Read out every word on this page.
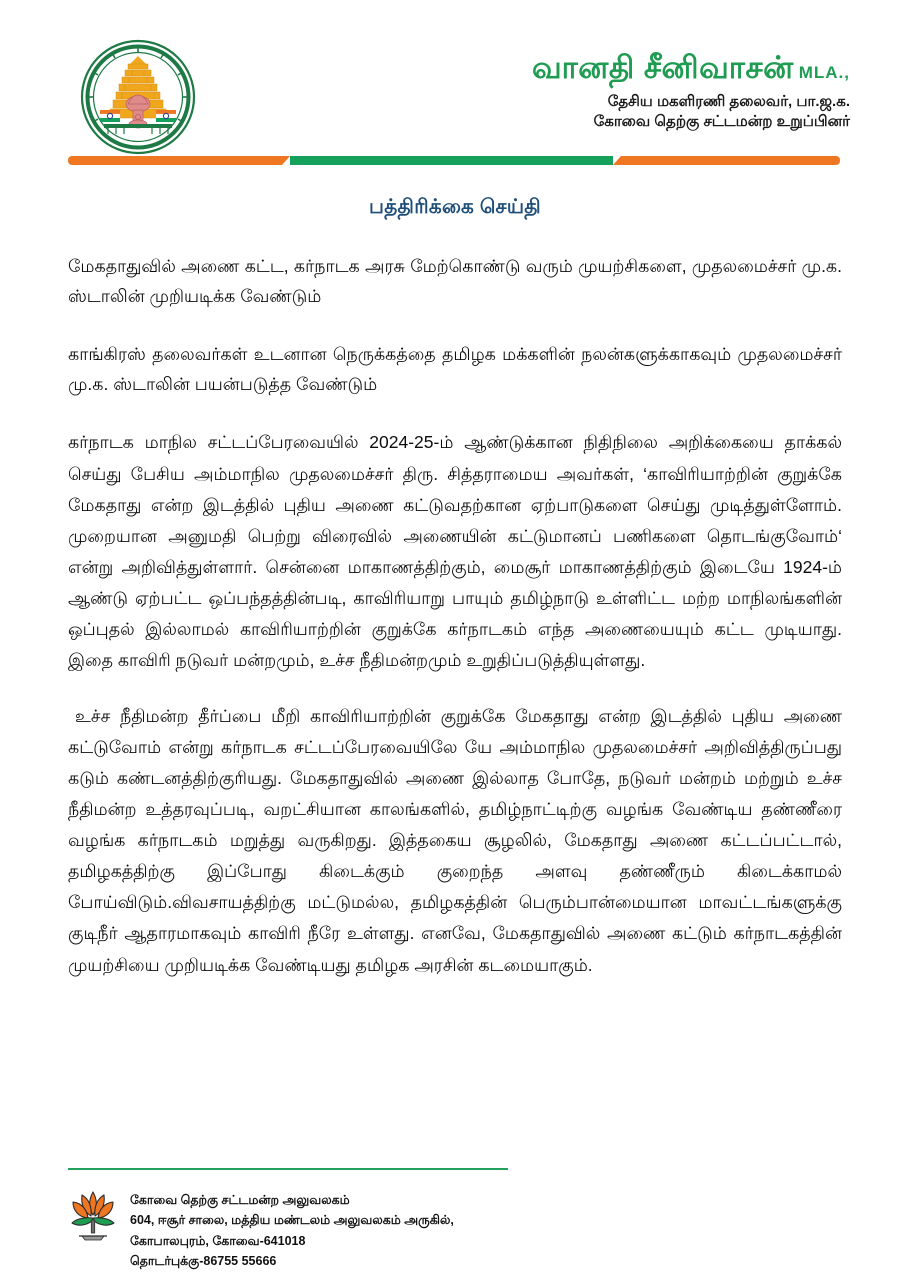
வானதி சீனிவாசன் MLA.,
தேசிய மகளிரணி தலைவர், பா.ஜ.க.
கோவை தெற்கு சட்டமன்ற உறுப்பினர்
பத்திரிக்கை செய்தி

மேகதாதுவில் அணை கட்ட, கர்நாடக அரசு மேற்கொண்டு வரும் முயற்சிகளை, முதலமைச்சர் மு.க. ஸ்டாலின் முறியடிக்க வேண்டும்

காங்கிரஸ் தலைவர்கள் உடனான நெருக்கத்தை தமிழக மக்களின் நலன்களுக்காகவும் முதலமைச்சர் மு.க. ஸ்டாலின் பயன்படுத்த வேண்டும்

கர்நாடக மாநில சட்டப்பேரவையில் 2024-25-ம் ஆண்டுக்கான நிதிநிலை அறிக்கையை தாக்கல் செய்து பேசிய அம்மாநில முதலமைச்சர் திரு. சித்தராமைய அவர்கள், ‘காவிரியாற்றின் குறுக்கே மேகதாது என்ற இடத்தில் புதிய அணை கட்டுவதற்கான ஏற்பாடுகளை செய்து முடித்துள்ளோம். முறையான அனுமதி பெற்று விரைவில் அணையின் கட்டுமானப் பணிகளை தொடங்குவோம்‘ என்று அறிவித்துள்ளார். சென்னை மாகாணத்திற்கும், மைசூர் மாகாணத்திற்கும் இடையே 1924-ம் ஆண்டு ஏற்பட்ட ஒப்பந்தத்தின்படி, காவிரியாறு பாயும் தமிழ்நாடு உள்ளிட்ட மற்ற மாநிலங்களின் ஒப்புதல் இல்லாமல் காவிரியாற்றின் குறுக்கே கர்நாடகம் எந்த அணையையும் கட்ட முடியாது. இதை காவிரி நடுவர் மன்றமும், உச்ச நீதிமன்றமும் உறுதிப்படுத்தியுள்ளது.

உச்ச நீதிமன்ற தீர்ப்பை மீறி காவிரியாற்றின் குறுக்கே மேகதாது என்ற இடத்தில் புதிய அணை கட்டுவோம் என்று கர்நாடக சட்டப்பேரவையிலே யே அம்மாநில முதலமைச்சர் அறிவித்திருப்பது கடும் கண்டனத்திற்குரியது. மேகதாதுவில் அணை இல்லாத போதே, நடுவர் மன்றம் மற்றும் உச்ச நீதிமன்ற உத்தரவுப்படி, வறட்சியான காலங்களில், தமிழ்நாட்டிற்கு வழங்க வேண்டிய தண்ணீரை வழங்க கர்நாடகம் மறுத்து வருகிறது. இத்தகைய சூழலில், மேகதாது அணை கட்டப்பட்டால், தமிழகத்திற்கு இப்போது கிடைக்கும் குறைந்த அளவு தண்ணீரும் கிடைக்காமல் போய்விடும்.விவசாயத்திற்கு மட்டுமல்ல, தமிழகத்தின் பெரும்பான்மையான மாவட்டங்களுக்கு குடிநீர் ஆதாரமாகவும் காவிரி நீரே உள்ளது. எனவே, மேகதாதுவில் அணை கட்டும் கர்நாடகத்தின் முயற்சியை முறியடிக்க வேண்டியது தமிழக அரசின் கடமையாகும்.

கோவை தெற்கு சட்டமன்ற அலுவலகம்
604, ஈசூர் சாலை, மத்திய மண்டலம் அலுவலகம் அருகில்,
கோபாலபுரம், கோவை-641018
தொடர்புக்கு-86755 55666
